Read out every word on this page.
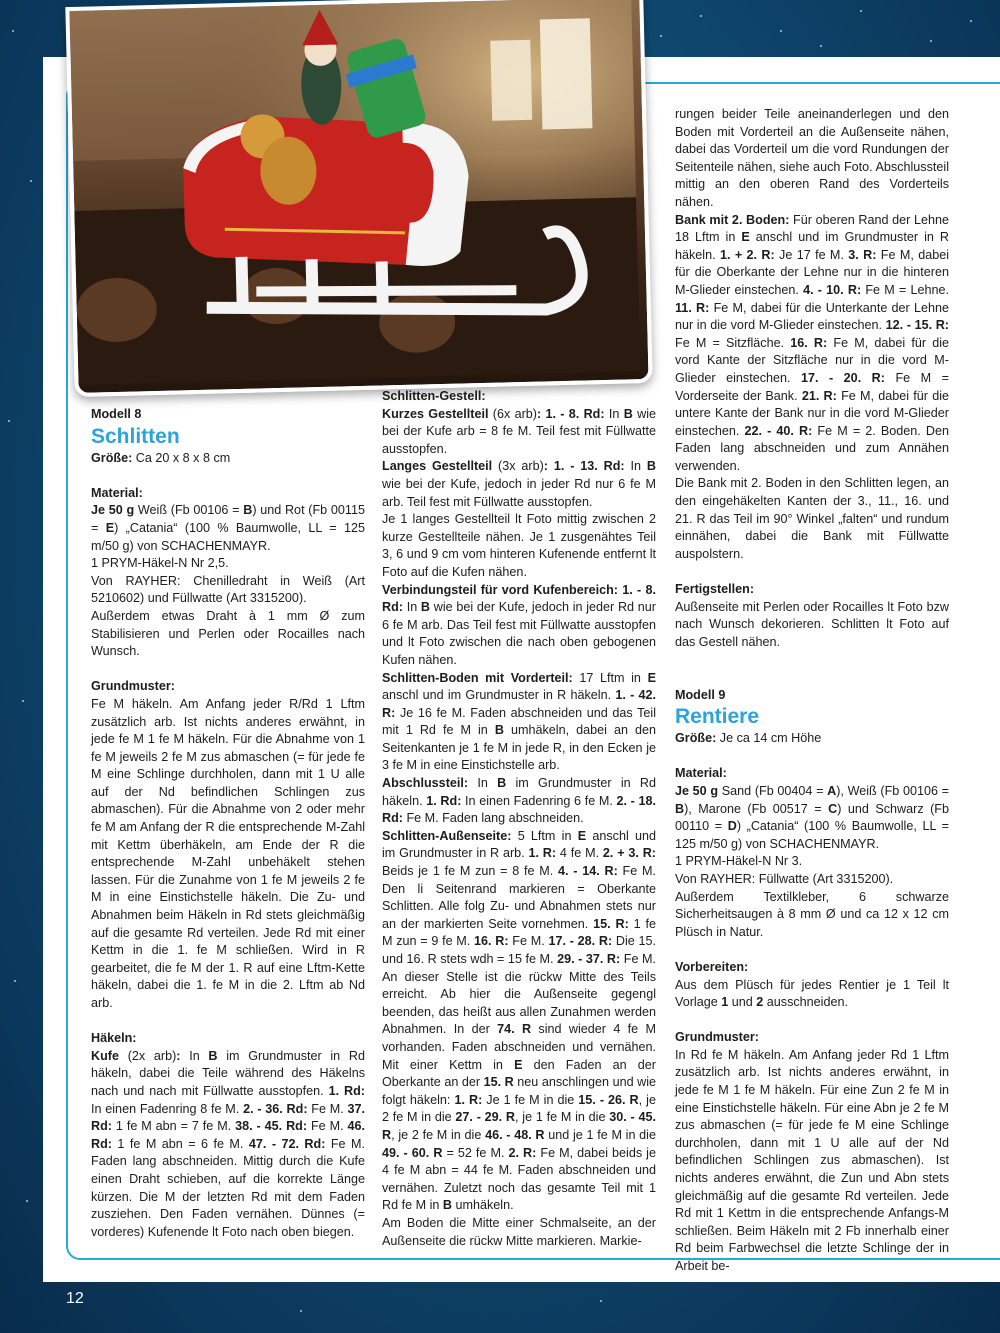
Modell 8

Schlitten

Größe: Ca 20 x 8 x 8 cm

Material:

Je 50 g Weiß (Fb 00106 = B) und Rot (Fb 00115 = E) „Catania“ (100 % Baumwolle, LL = 125 m/50 g) von SCHACHENMAYR.
1 PRYM-Häkel-N Nr 2,5.
Von RAYHER: Chenilledraht in Weiß (Art 5210602) und Füllwatte (Art 3315200).
Außerdem etwas Draht à 1 mm Ø zum Stabilisieren und Perlen oder Rocailles nach Wunsch.

Grundmuster:

Fe M häkeln. Am Anfang jeder R/Rd 1 Lftm zusätzlich arb. Ist nichts anderes erwähnt, in jede fe M 1 fe M häkeln. Für die Abnahme von 1 fe M jeweils 2 fe M zus abmaschen (= für jede fe M eine Schlinge durchholen, dann mit 1 U alle auf der Nd befindlichen Schlingen zus abmaschen). Für die Abnahme von 2 oder mehr fe M am Anfang der R die entsprechende M-Zahl mit Kettm überhäkeln, am Ende der R die entsprechende M-Zahl unbehäkelt stehen lassen. Für die Zunahme von 1 fe M jeweils 2 fe M in eine Einstichstelle häkeln. Die Zu- und Abnahmen beim Häkeln in Rd stets gleichmäßig auf die gesamte Rd verteilen. Jede Rd mit einer Kettm in die 1. fe M schließen. Wird in R gearbeitet, die fe M der 1. R auf eine Lftm-Kette häkeln, dabei die 1. fe M in die 2. Lftm ab Nd arb.

Häkeln:

Kufe (2x arb): In B im Grundmuster in Rd häkeln, dabei die Teile während des Häkelns nach und nach mit Füllwatte ausstopfen. 1. Rd: In einen Fadenring 8 fe M. 2. - 36. Rd: Fe M. 37. Rd: 1 fe M abn = 7 fe M. 38. - 45. Rd: Fe M. 46. Rd: 1 fe M abn = 6 fe M. 47. - 72. Rd: Fe M. Faden lang abschneiden. Mittig durch die Kufe einen Draht schieben, auf die korrekte Länge kürzen. Die M der letzten Rd mit dem Faden zusziehen. Den Faden vernähen. Dünnes (= vorderes) Kufenende lt Foto nach oben biegen.

Schlitten-Gestell:

Kurzes Gestellteil (6x arb): 1. - 8. Rd: In B wie bei der Kufe arb = 8 fe M. Teil fest mit Füllwatte ausstopfen.

Langes Gestellteil (3x arb): 1. - 13. Rd: In B wie bei der Kufe, jedoch in jeder Rd nur 6 fe M arb. Teil fest mit Füllwatte ausstopfen.

Je 1 langes Gestellteil lt Foto mittig zwischen 2 kurze Gestellteile nähen. Je 1 zusgenähtes Teil 3, 6 und 9 cm vom hinteren Kufenende entfernt lt Foto auf die Kufen nähen.

Verbindungsteil für vord Kufenbereich: 1. - 8. Rd: In B wie bei der Kufe, jedoch in jeder Rd nur 6 fe M arb. Das Teil fest mit Füllwatte ausstopfen und lt Foto zwischen die nach oben gebogenen Kufen nähen.

Schlitten-Boden mit Vorderteil: 17 Lftm in E anschl und im Grundmuster in R häkeln. 1. - 42. R: Je 16 fe M. Faden abschneiden und das Teil mit 1 Rd fe M in B umhäkeln, dabei an den Seitenkanten je 1 fe M in jede R, in den Ecken je 3 fe M in eine Einstichstelle arb.

Abschlussteil: In B im Grundmuster in Rd häkeln. 1. Rd: In einen Fadenring 6 fe M. 2. - 18. Rd: Fe M. Faden lang abschneiden.

Schlitten-Außenseite: 5 Lftm in E anschl und im Grundmuster in R arb. 1. R: 4 fe M. 2. + 3. R: Beids je 1 fe M zun = 8 fe M. 4. - 14. R: Fe M. Den li Seitenrand markieren = Oberkante Schlitten. Alle folg Zu- und Abnahmen stets nur an der markierten Seite vornehmen. 15. R: 1 fe M zun = 9 fe M. 16. R: Fe M. 17. - 28. R: Die 15. und 16. R stets wdh = 15 fe M. 29. - 37. R: Fe M. An dieser Stelle ist die rückw Mitte des Teils erreicht. Ab hier die Außenseite gegengl beenden, das heißt aus allen Zunahmen werden Abnahmen. In der 74. R sind wieder 4 fe M vorhanden. Faden abschneiden und vernähen. Mit einer Kettm in E den Faden an der Oberkante an der 15. R neu anschlingen und wie folgt häkeln: 1. R: Je 1 fe M in die 15. - 26. R, je 2 fe M in die 27. - 29. R, je 1 fe M in die 30. - 45. R, je 2 fe M in die 46. - 48. R und je 1 fe M in die 49. - 60. R = 52 fe M. 2. R: Fe M, dabei beids je 4 fe M abn = 44 fe M. Faden abschneiden und vernähen. Zuletzt noch das gesamte Teil mit 1 Rd fe M in B umhäkeln.

Am Boden die Mitte einer Schmalseite, an der Außenseite die rückw Mitte markieren. Markie-

rungen beider Teile aneinanderlegen und den Boden mit Vorderteil an die Außenseite nähen, dabei das Vorderteil um die vord Rundungen der Seitenteile nähen, siehe auch Foto. Abschlussteil mittig an den oberen Rand des Vorderteils nähen.

Bank mit 2. Boden: Für oberen Rand der Lehne 18 Lftm in E anschl und im Grundmuster in R häkeln. 1. + 2. R: Je 17 fe M. 3. R: Fe M, dabei für die Oberkante der Lehne nur in die hinteren M-Glieder einstechen. 4. - 10. R: Fe M = Lehne. 11. R: Fe M, dabei für die Unterkante der Lehne nur in die vord M-Glieder einstechen. 12. - 15. R: Fe M = Sitzfläche. 16. R: Fe M, dabei für die vord Kante der Sitzfläche nur in die vord M-Glieder einstechen. 17. - 20. R: Fe M = Vorderseite der Bank. 21. R: Fe M, dabei für die untere Kante der Bank nur in die vord M-Glieder einstechen. 22. - 40. R: Fe M = 2. Boden. Den Faden lang abschneiden und zum Annähen verwenden.

Die Bank mit 2. Boden in den Schlitten legen, an den eingehäkelten Kanten der 3., 11., 16. und 21. R das Teil im 90° Winkel „falten“ und rundum einnähen, dabei die Bank mit Füllwatte auspolstern.

Fertigstellen:

Außenseite mit Perlen oder Rocailles lt Foto bzw nach Wunsch dekorieren. Schlitten lt Foto auf das Gestell nähen.

Modell 9

Rentiere

Größe: Je ca 14 cm Höhe

Material:

Je 50 g Sand (Fb 00404 = A), Weiß (Fb 00106 = B), Marone (Fb 00517 = C) und Schwarz (Fb 00110 = D) „Catania“ (100 % Baumwolle, LL = 125 m/50 g) von SCHACHENMAYR.
1 PRYM-Häkel-N Nr 3.
Von RAYHER: Füllwatte (Art 3315200).
Außerdem Textilkleber, 6 schwarze Sicherheitsaugen à 8 mm Ø und ca 12 x 12 cm Plüsch in Natur.

Vorbereiten:

Aus dem Plüsch für jedes Rentier je 1 Teil lt Vorlage 1 und 2 ausschneiden.

Grundmuster:

In Rd fe M häkeln. Am Anfang jeder Rd 1 Lftm zusätzlich arb. Ist nichts anderes erwähnt, in jede fe M 1 fe M häkeln. Für eine Zun 2 fe M in eine Einstichstelle häkeln. Für eine Abn je 2 fe M zus abmaschen (= für jede fe M eine Schlinge durchholen, dann mit 1 U alle auf der Nd befindlichen Schlingen zus abmaschen). Ist nichts anderes erwähnt, die Zun und Abn stets gleichmäßig auf die gesamte Rd verteilen. Jede Rd mit 1 Kettm in die entsprechende Anfangs-M schließen. Beim Häkeln mit 2 Fb innerhalb einer Rd beim Farbwechsel die letzte Schlinge der in Arbeit be-

12
